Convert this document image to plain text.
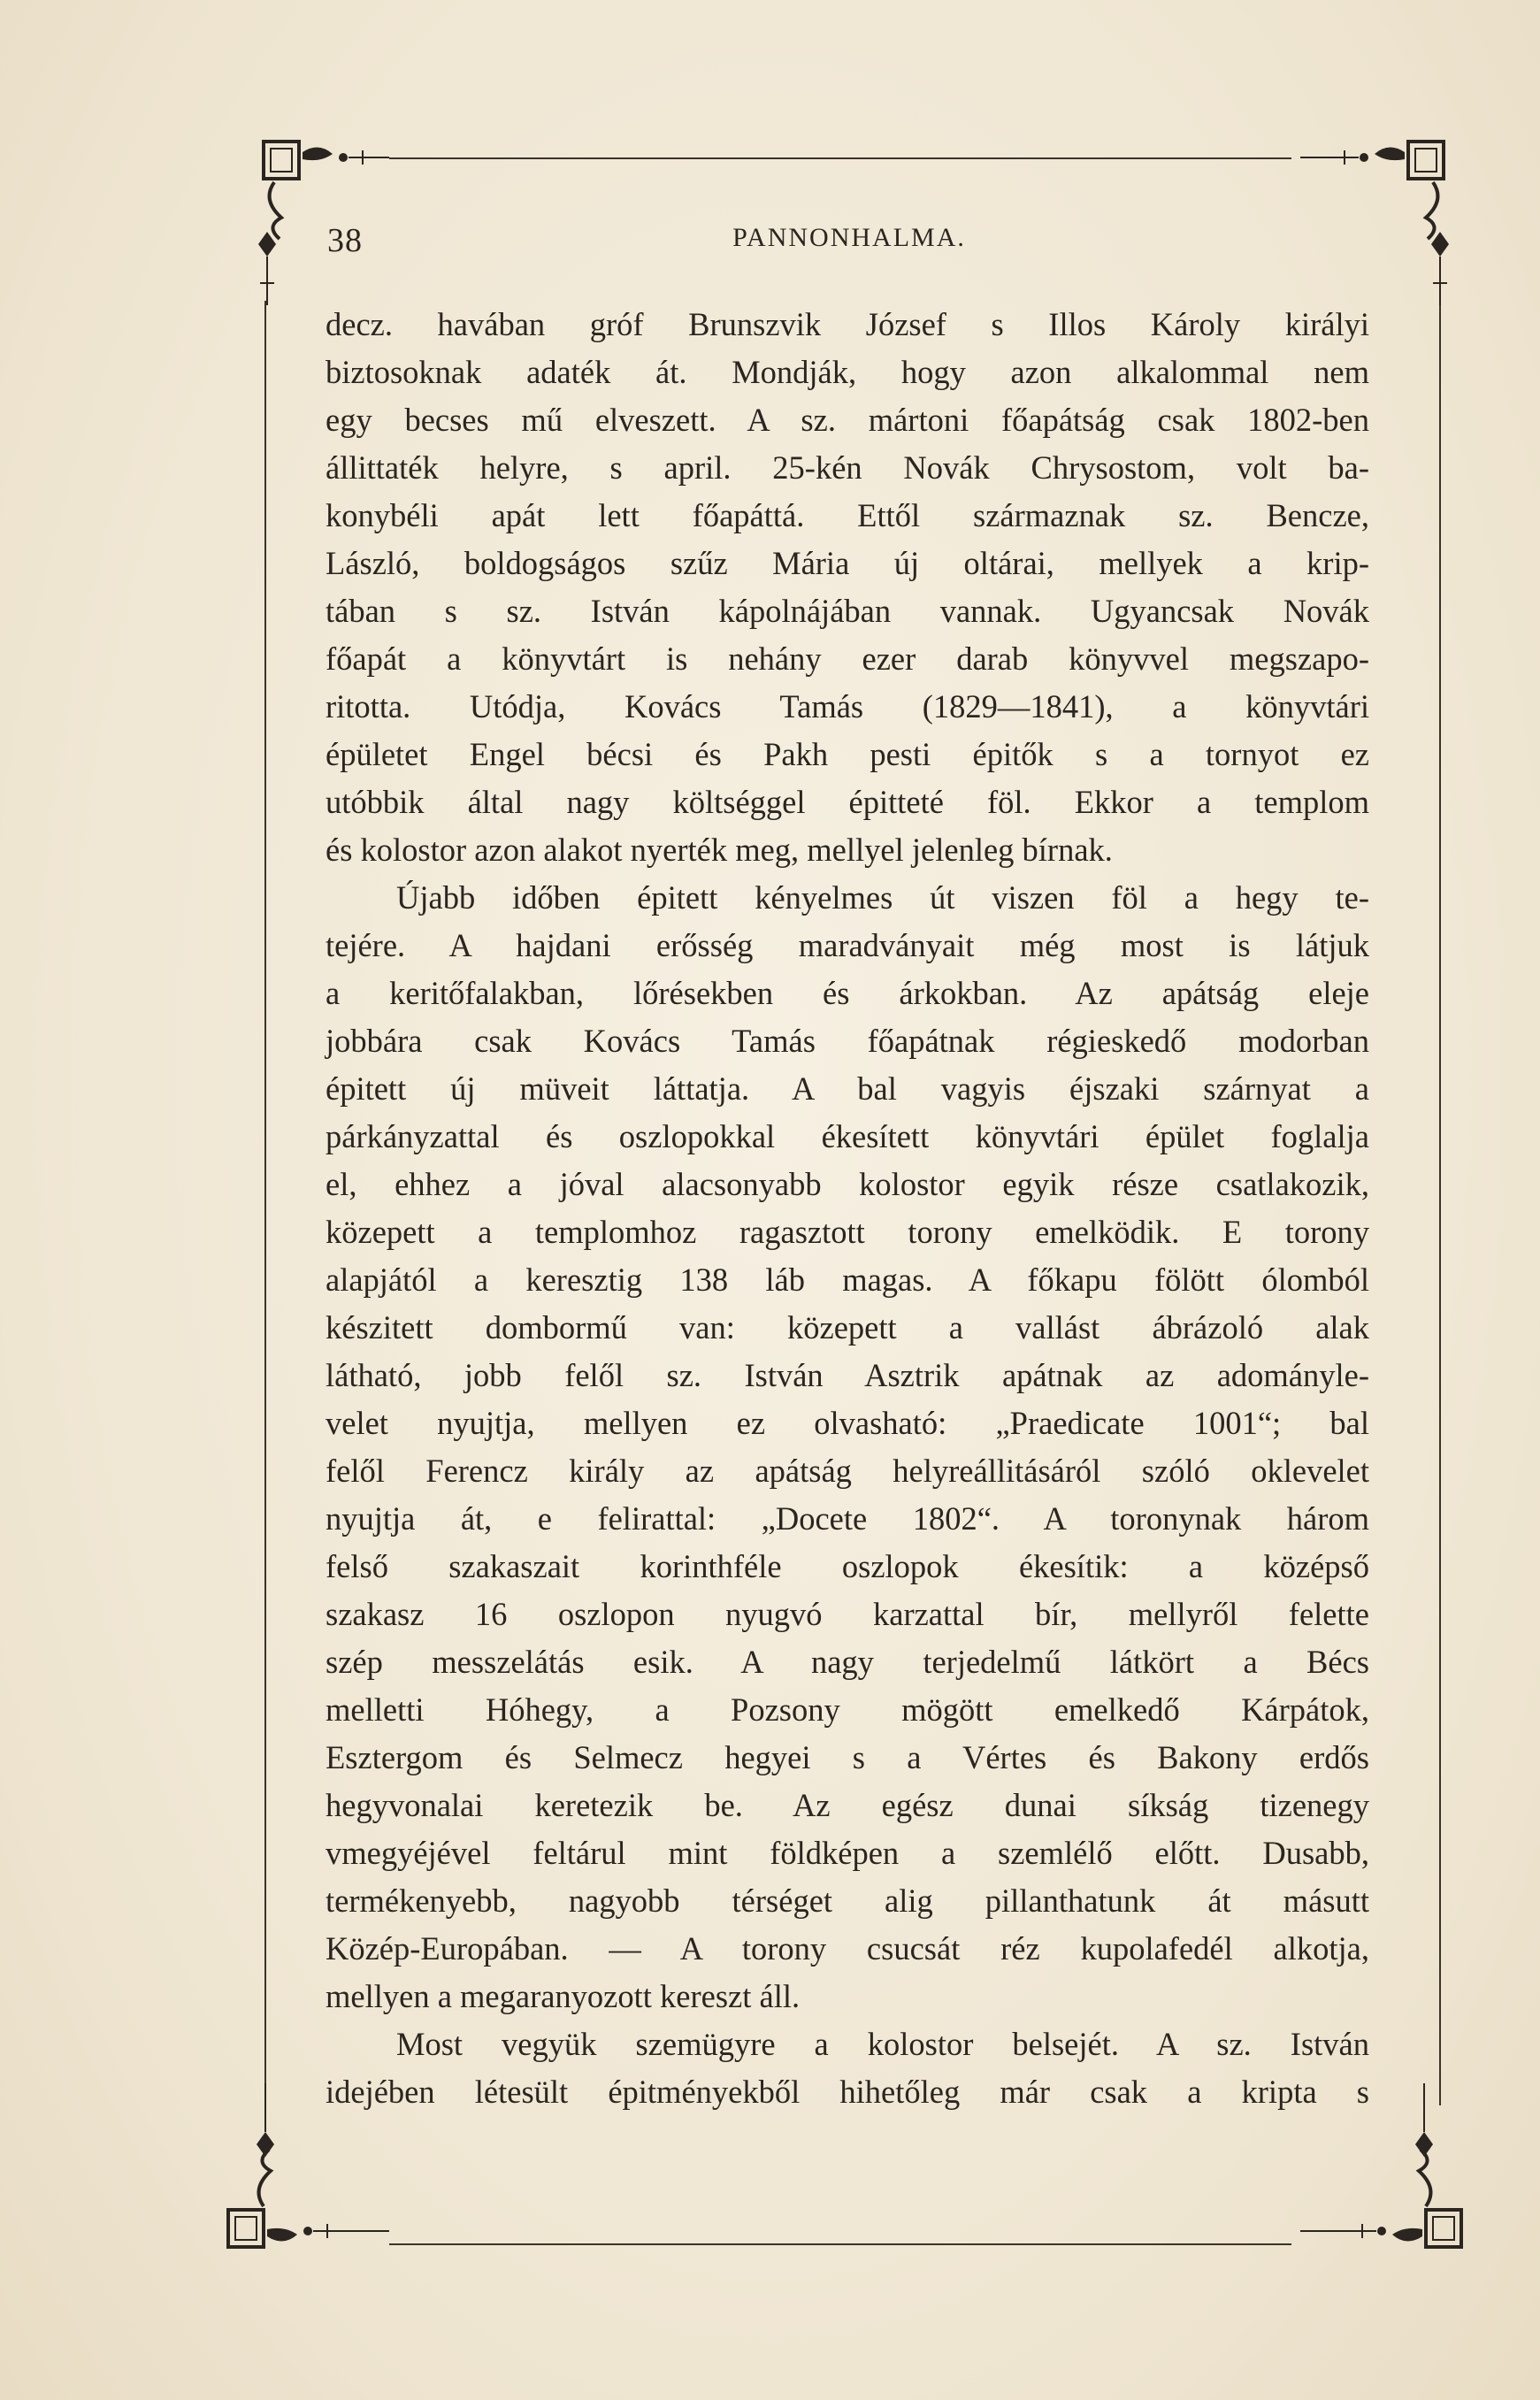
38	PANNONHALMA.
decz. havában gróf Brunszvik József s Illos Károly királyi
biztosoknak adaték át. Mondják, hogy azon alkalommal nem
egy becses mű elveszett. A sz. mártoni főapátság csak 1802-ben
állittaték helyre, s april. 25-kén Novák Chrysostom, volt ba-
konybéli apát lett főapáttá. Ettől származnak sz. Bencze,
László, boldogságos szűz Mária új oltárai, mellyek a krip-
tában s sz. István kápolnájában vannak. Ugyancsak Novák
főapát a könyvtárt is nehány ezer darab könyvvel megszapo-
ritotta. Utódja, Kovács Tamás (1829—1841), a könyvtári
épületet Engel bécsi és Pakh pesti épitők s a tornyot ez
utóbbik által nagy költséggel épitteté föl. Ekkor a templom
és kolostor azon alakot nyerték meg, mellyel jelenleg bírnak.
Újabb időben épitett kényelmes út viszen föl a hegy te-
tejére. A hajdani erősség maradványait még most is látjuk
a keritőfalakban, lőrésekben és árkokban. Az apátság eleje
jobbára csak Kovács Tamás főapátnak régieskedő modorban
épitett új müveit láttatja. A bal vagyis éjszaki szárnyat a
párkányzattal és oszlopokkal ékesített könyvtári épület foglalja
el, ehhez a jóval alacsonyabb kolostor egyik része csatlakozik,
közepett a templomhoz ragasztott torony emelködik. E torony
alapjától a keresztig 138 láb magas. A főkapu fölött ólomból
készitett dombormű van: közepett a vallást ábrázoló alak
látható, jobb felől sz. István Asztrik apátnak az adományle-
velet nyujtja, mellyen ez olvasható: „Praedicate 1001“; bal
felől Ferencz király az apátság helyreállitásáról szóló oklevelet
nyujtja át, e felirattal: „Docete 1802“. A toronynak három
felső szakaszait korinthféle oszlopok ékesítik: a középső
szakasz 16 oszlopon nyugvó karzattal bír, mellyről felette
szép messzelátás esik. A nagy terjedelmű látkört a Bécs
melletti Hóhegy, a Pozsony mögött emelkedő Kárpátok,
Esztergom és Selmecz hegyei s a Vértes és Bakony erdős
hegyvonalai keretezik be. Az egész dunai síkság tizenegy
vmegyéjével feltárul mint földképen a szemlélő előtt. Dusabb,
termékenyebb, nagyobb térséget alig pillanthatunk át másutt
Közép-Europában. — A torony csucsát réz kupolafedél alkotja,
mellyen a megaranyozott kereszt áll.
Most vegyük szemügyre a kolostor belsejét. A sz. István
idejében létesült épitményekből hihetőleg már csak a kripta s
